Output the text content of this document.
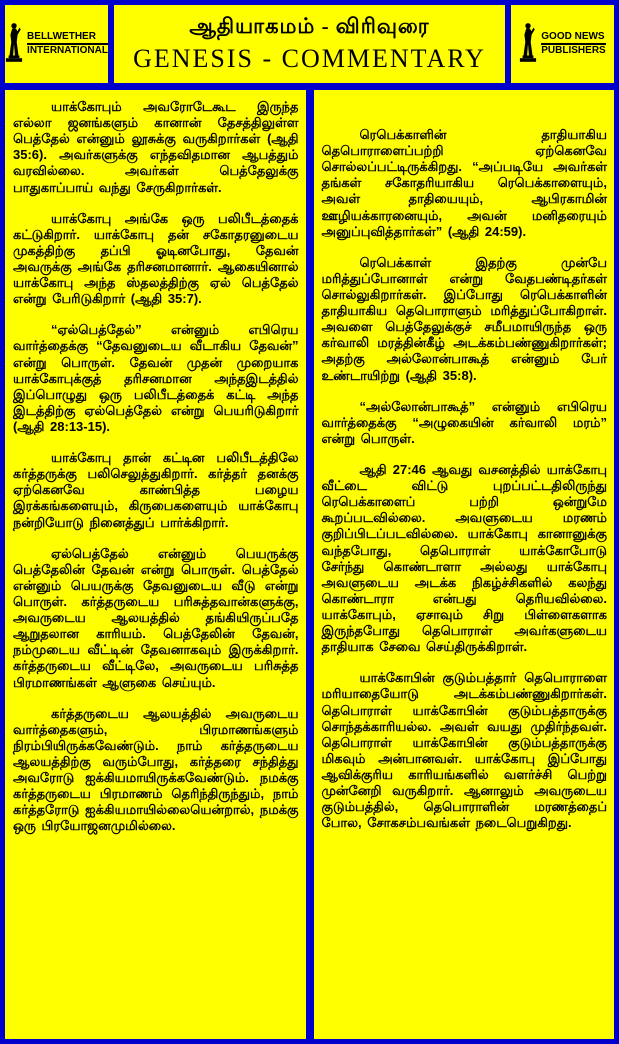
BELLWETHER
INTERNATIONAL
ஆதியாகமம் - விரிவுரை
GENESIS - COMMENTARY
GOOD NEWS
PUBLISHERS

யாக்கோபும் அவரோடேகூட இருந்த எல்லா ஜனங்களும் கானான் தேசத்திலுள்ள பெத்தேல் என்னும் லூசுக்கு வருகிறார்கள் (ஆதி 35:6). அவர்களுக்கு எந்தவிதமான ஆபத்தும் வரவில்லை. அவர்கள் பெத்தேலுக்கு பாதுகாப்பாய் வந்து சேருகிறார்கள்.

யாக்கோபு அங்கே ஒரு பலிபீடத்தைக் கட்டுகிறார். யாக்கோபு தன் சகோதரனுடைய முகத்திற்கு தப்பி ஓடினபோது, தேவன் அவருக்கு அங்கே தரிசனமானார். ஆகையினால் யாக்கோபு அந்த ஸ்தலத்திற்கு ஏல் பெத்தேல் என்று பேரிடுகிறார் (ஆதி 35:7).

“ஏல்பெத்தேல்” என்னும் எபிரெய வார்த்தைக்கு “தேவனுடைய வீடாகிய தேவன்” என்று பொருள். தேவன் முதன் முறையாக யாக்கோபுக்குத் தரிசனமான அந்தஇடத்தில் இப்பொழுது ஒரு பலிபீடத்தைக் கட்டி அந்த இடத்திற்கு ஏல்பெத்தேல் என்று பெயரிடுகிறார் (ஆதி 28:13-15).

யாக்கோபு தான் கட்டின பலிபீடத்திலே கர்த்தருக்கு பலிசெலுத்துகிறார். கர்த்தர் தனக்கு ஏற்கெனவே காண்பித்த பழைய இரக்கங்களையும், கிருபைகளையும் யாக்கோபு நன்றியோடு நினைத்துப் பார்க்கிறார்.

ஏல்பெத்தேல் என்னும் பெயருக்கு பெத்தேலின் தேவன் என்று பொருள். பெத்தேல் என்னும் பெயருக்கு தேவனுடைய வீடு என்று பொருள். கர்த்தருடைய பரிசுத்தவான்களுக்கு, அவருடைய ஆலயத்தில் தங்கியிருப்பதே ஆறுதலான காரியம். பெத்தேலின் தேவன், நம்முடைய வீட்டின் தேவனாகவும் இருக்கிறார். கர்த்தருடைய வீட்டிலே, அவருடைய பரிசுத்த பிரமாணங்கள் ஆளுகை செய்யும்.

கர்த்தருடைய ஆலயத்தில் அவருடைய வார்த்தைகளும், பிரமாணங்களும் நிரம்பியிருக்கவேண்டும். நாம் கர்த்தருடைய ஆலயத்திற்கு வரும்போது, கர்த்தரை சந்தித்து அவரோடு ஐக்கியமாயிருக்கவேண்டும். நமக்கு கர்த்தருடைய பிரமாணம் தெரிந்திருந்தும், நாம் கர்த்தரோடு ஐக்கியமாயில்லையென்றால், நமக்கு ஒரு பிரயோஜனமுமில்லை.

ரெபெக்காளின் தாதியாகிய தெபொராளைப்பற்றி ஏற்கெனவே சொல்லப்பட்டிருக்கிறது. “அப்படியே அவர்கள் தங்கள் சகோதரியாகிய ரெபெக்காளையும், அவள் தாதியையும், ஆபிரகாமின் ஊழியக்காரனையும், அவன் மனிதரையும் அனுப்புவித்தார்கள்” (ஆதி 24:59).

ரெபெக்காள் இதற்கு முன்பே மரித்துப்போனாள் என்று வேதபண்டிதர்கள் சொல்லுகிறார்கள். இப்போது ரெபெக்காளின் தாதியாகிய தெபொராளும் மரித்துப்போகிறாள். அவளை பெத்தேலுக்குச் சமீபமாயிருந்த ஒரு கர்வாலி மரத்தின்கீழ் அடக்கம்பண்ணுகிறார்கள்; அதற்கு அல்லோன்பாகூத் என்னும் பேர் உண்டாயிற்று (ஆதி 35:8).

“அல்லோன்பாகூத்” என்னும் எபிரெய வார்த்தைக்கு “அழுகையின் கர்வாலி மரம்” என்று பொருள்.

ஆதி 27:46 ஆவது வசனத்தில் யாக்கோபு வீட்டை விட்டு புறப்பட்டதிலிருந்து ரெபெக்காளைப் பற்றி ஒன்றுமே கூறப்படவில்லை. அவளுடைய மரணம் குறிப்பிடப்படவில்லை. யாக்கோபு கானானுக்கு வந்தபோது, தெபொராள் யாக்கோபோடு சேர்ந்து கொண்டாளா அல்லது யாக்கோபு அவளுடைய அடக்க நிகழ்ச்சிகளில் கலந்து கொண்டாரா என்பது தெரியவில்லை. யாக்கோபும், ஏசாவும் சிறு பிள்ளைகளாக இருந்தபோது தெபொராள் அவர்களுடைய தாதியாக சேவை செய்திருக்கிறாள்.

யாக்கோபின் குடும்பத்தார் தெபொராளை மரியாதையோடு அடக்கம்பண்ணுகிறார்கள். தெபொராள் யாக்கோபின் குடும்பத்தாருக்கு சொந்தக்காரியல்ல. அவள் வயது முதிர்ந்தவள். தெபொராள் யாக்கோபின் குடும்பத்தாருக்கு மிகவும் அன்பானவள். யாக்கோபு இப்போது ஆவிக்குரிய காரியங்களில் வளர்ச்சி பெற்று முன்னேறி வருகிறார். ஆனாலும் அவருடைய குடும்பத்தில், தெபொராளின் மரணத்தைப் போல, சோகசம்பவங்கள் நடைபெறுகிறது.
